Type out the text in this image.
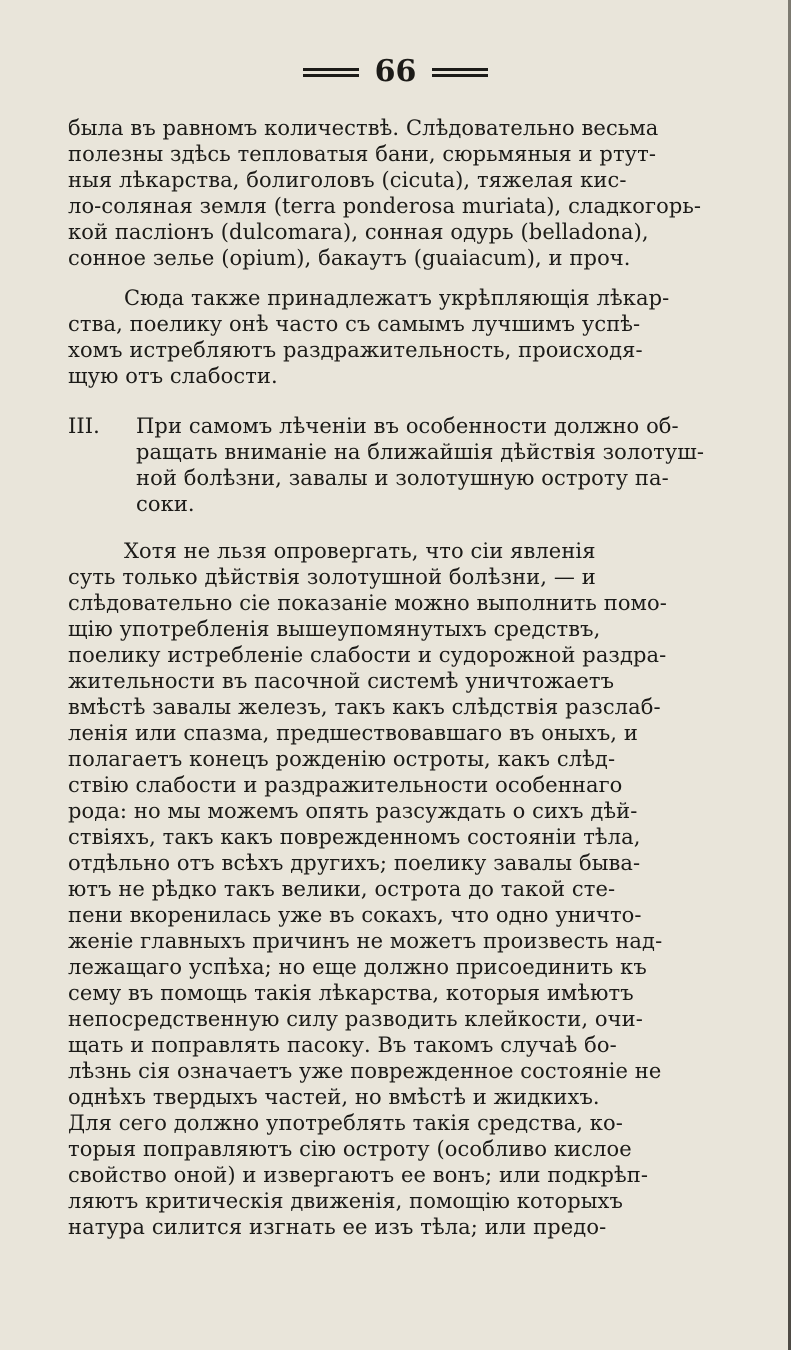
66
была въ равномъ количествѣ. Слѣдовательно весьма
полезны здѣсь тепловатыя бани, сюрьмяныя и ртут-
ныя лѣкарства, болиголовъ (cicuta), тяжелая кис-
ло-соляная земля (terra ponderosa muriata), сладкогорь-
кой паслiонъ (dulcomara), сонная одурь (belladona),
сонное зелье (opium), бакаутъ (guaiacum), и проч.
Сюда также принадлежатъ укрѣпляющiя лѣкар-
ства, поелику онѣ часто съ самымъ лучшимъ успѣ-
хомъ истребляютъ раздражительность, происходя-
щую отъ слабости.
III.	При самомъ лѣченiи въ особенности должно об-
ращать вниманiе на ближайшiя дѣйствiя золотуш-
ной болѣзни, завалы и золотушную остроту па-
соки.
Хотя не льзя опровергать, что сiи явленiя
суть только дѣйствiя золотушной болѣзни, — и
слѣдовательно сiе показанiе можно выполнить помо-
щiю употребленiя вышеупомянутыхъ средствъ,
поелику истребленiе слабости и судорожной раздра-
жительности въ пасочной системѣ уничтожаетъ
вмѣстѣ завалы железъ, такъ какъ слѣдствiя разслаб-
ленiя или спазма, предшествовавшаго въ оныхъ, и
полагаетъ конецъ рожденiю остроты, какъ слѣд-
ствiю слабости и раздражительности особеннаго
рода: но мы можемъ опять разсуждать о сихъ дѣй-
ствiяхъ, такъ какъ поврежденномъ состоянiи тѣла,
отдѣльно отъ всѣхъ другихъ; поелику завалы быва-
ютъ не рѣдко такъ велики, острота до такой сте-
пени вкоренилась уже въ сокахъ, что одно уничто-
женiе главныхъ причинъ не можетъ произвесть над-
лежащаго успѣха; но еще должно присоединить къ
сему въ помощь такiя лѣкарства, которыя имѣютъ
непосредственную силу разводить клейкости, очи-
щать и поправлять пасоку. Въ такомъ случаѣ бо-
лѣзнь сiя означаетъ уже поврежденное состоянiе не
однѣхъ твердыхъ частей, но вмѣстѣ и жидкихъ.
Для сего должно употреблять такiя средства, ко-
торыя поправляютъ сiю остроту (особливо кислое
свойство оной) и извергаютъ ее вонъ; или подкрѣп-
ляютъ критическiя движенiя, помощiю которыхъ
натура силится изгнать ее изъ тѣла; или предо-
